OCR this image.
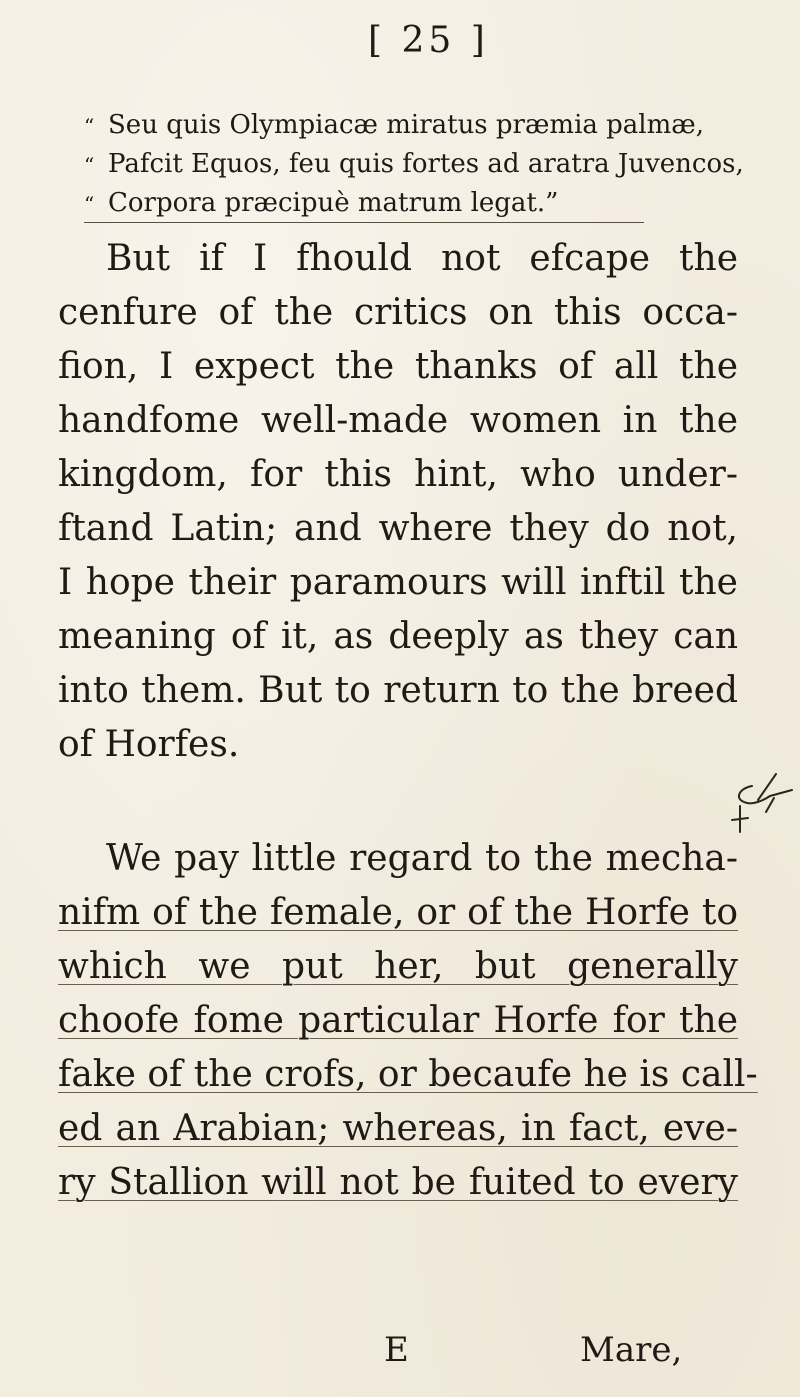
[ 25 ]
“ Seu quis Olympiacæ miratus præmia palmæ,
“ Pafcit Equos, feu quis fortes ad aratra Juvencos,
“ Corpora præcipuè matrum legat.”
But if I fhould not efcape the
cenfure of the critics on this occa-
fion, I expect the thanks of all the
handfome well-made women in the
kingdom, for this hint, who under-
ftand Latin; and where they do not,
I hope their paramours will inftil the
meaning of it, as deeply as they can
into them. But to return to the breed
of Horfes.
We pay little regard to the mecha-
nifm of the female, or of the Horfe to
which we put her, but generally
choofe fome particular Horfe for the
fake of the crofs, or becaufe he is call-
ed an Arabian; whereas, in fact, eve-
ry Stallion will not be fuited to every
E	Mare,
